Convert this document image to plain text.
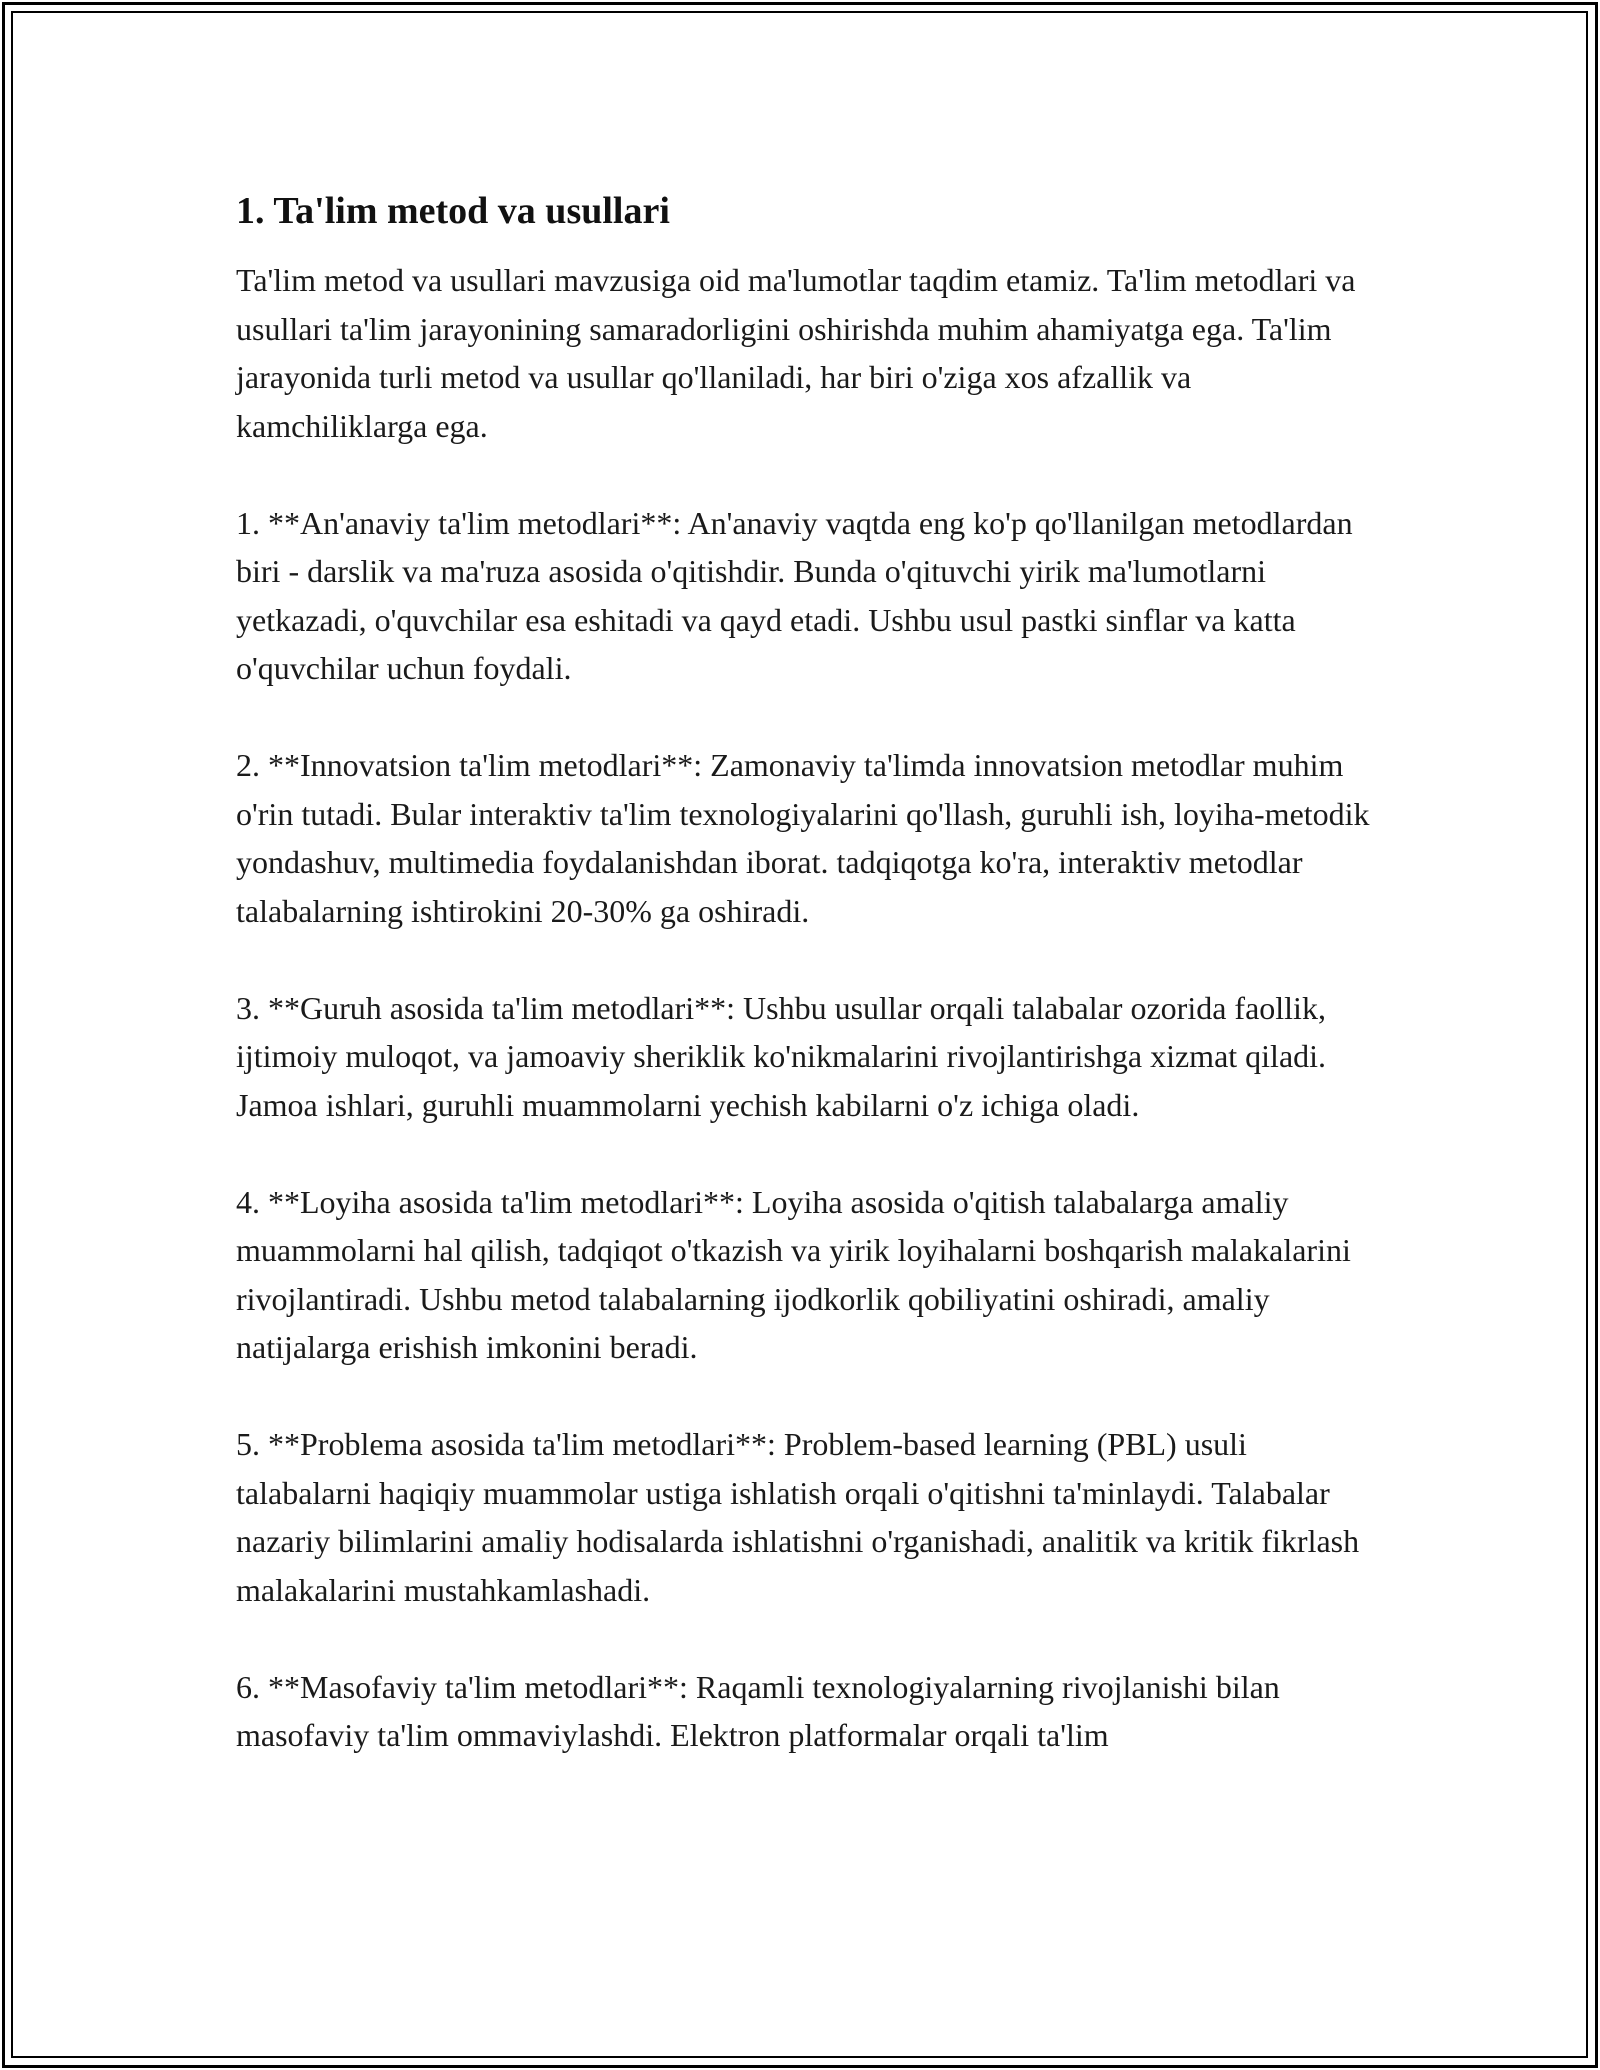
1. Ta'lim metod va usullari

Ta'lim metod va usullari mavzusiga oid ma'lumotlar taqdim etamiz. Ta'lim metodlari va usullari ta'lim jarayonining samaradorligini oshirishda muhim ahamiyatga ega. Ta'lim jarayonida turli metod va usullar qo'llaniladi, har biri o'ziga xos afzallik va kamchiliklarga ega.

1. **An'anaviy ta'lim metodlari**: An'anaviy vaqtda eng ko'p qo'llanilgan metodlardan biri - darslik va ma'ruza asosida o'qitishdir. Bunda o'qituvchi yirik ma'lumotlarni yetkazadi, o'quvchilar esa eshitadi va qayd etadi. Ushbu usul pastki sinflar va katta o'quvchilar uchun foydali.

2. **Innovatsion ta'lim metodlari**: Zamonaviy ta'limda innovatsion metodlar muhim o'rin tutadi. Bular interaktiv ta'lim texnologiyalarini qo'llash, guruhli ish, loyiha-metodik yondashuv, multimedia foydalanishdan iborat. tadqiqotga ko'ra, interaktiv metodlar talabalarning ishtirokini 20-30% ga oshiradi.

3. **Guruh asosida ta'lim metodlari**: Ushbu usullar orqali talabalar ozorida faollik, ijtimoiy muloqot, va jamoaviy sheriklik ko'nikmalarini rivojlantirishga xizmat qiladi. Jamoa ishlari, guruhli muammolarni yechish kabilarni o'z ichiga oladi.

4. **Loyiha asosida ta'lim metodlari**: Loyiha asosida o'qitish talabalarga amaliy muammolarni hal qilish, tadqiqot o'tkazish va yirik loyihalarni boshqarish malakalarini rivojlantiradi. Ushbu metod talabalarning ijodkorlik qobiliyatini oshiradi, amaliy natijalarga erishish imkonini beradi.

5. **Problema asosida ta'lim metodlari**: Problem-based learning (PBL) usuli talabalarni haqiqiy muammolar ustiga ishlatish orqali o'qitishni ta'minlaydi. Talabalar nazariy bilimlarini amaliy hodisalarda ishlatishni o'rganishadi, analitik va kritik fikrlash malakalarini mustahkamlashadi.

6. **Masofaviy ta'lim metodlari**: Raqamli texnologiyalarning rivojlanishi bilan masofaviy ta'lim ommaviylashdi. Elektron platformalar orqali ta'lim
